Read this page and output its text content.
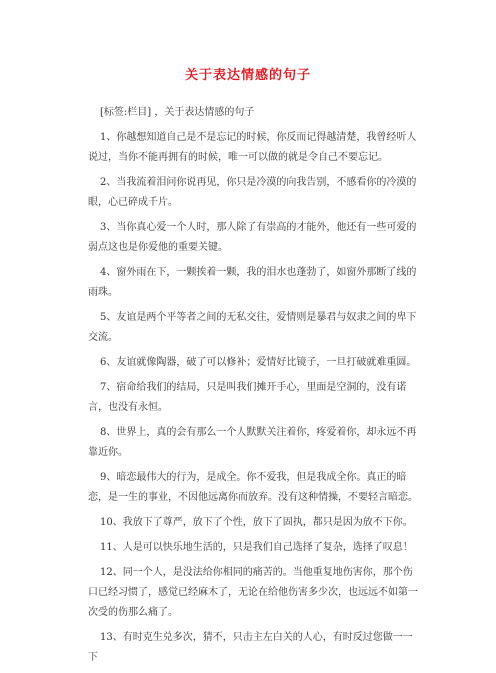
关于表达情感的句子

[标签:栏目] ，关于表达情感的句子

1、你越想知道自己是不是忘记的时候，你反而记得越清楚，我曾经听人说过，当你不能再拥有的时候，唯一可以做的就是令自己不要忘记。

2、当我流着泪问你说再见，你只是冷漠的向我告别，不感看你的冷漠的眼，心已碎成千片。

3、当你真心爱一个人时，那人除了有崇高的才能外，他还有一些可爱的弱点这也是你爱他的重要关键。

4、窗外雨在下，一颗挨着一颗，我的泪水也蓬勃了，如窗外那断了线的雨珠。

5、友谊是两个平等者之间的无私交往，爱情则是暴君与奴隶之间的卑下交流。

6、友谊就像陶器，破了可以修补；爱情好比镜子，一旦打破就难重圆。

7、宿命给我们的结局，只是叫我们摊开手心，里面是空洞的，没有诺言，也没有永恒。

8、世界上，真的会有那么一个人默默关注着你，疼爱着你，却永远不再靠近你。

9、暗恋最伟大的行为，是成全。你不爱我，但是我成全你。真正的暗恋，是一生的事业，不因他远离你而放弃。没有这种情操，不要轻言暗恋。

10、我放下了尊严，放下了个性，放下了固执，都只是因为放不下你。

11、人是可以快乐地生活的，只是我们自己选择了复杂，选择了叹息！

12、同一个人，是没法给你相同的痛苦的。当他重复地伤害你，那个伤口已经习惯了，感觉已经麻木了，无论在给他伤害多少次，也远远不如第一次受的伤那么痛了。

13、有时克生兑多次，猜不，只击主左白关的人心，有时反过您做一一下
